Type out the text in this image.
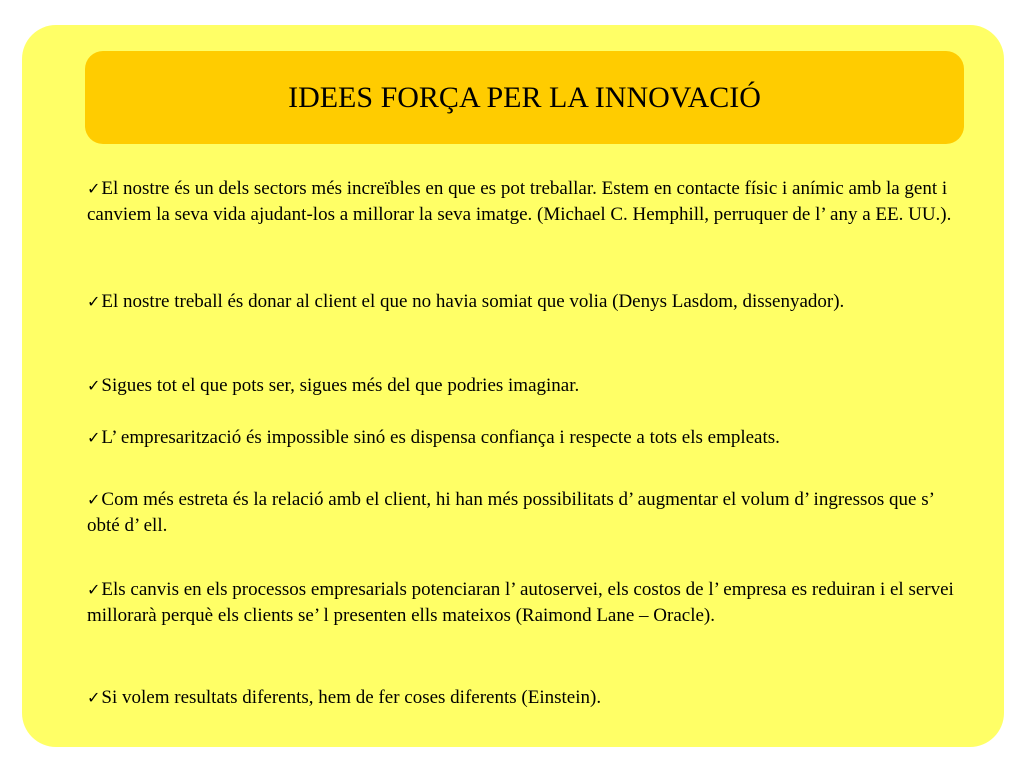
IDEES FORÇA PER LA INNOVACIÓ
✓El nostre és un dels sectors més increïbles en que es pot treballar. Estem en contacte físic i anímic amb la gent i canviem la seva vida ajudant-los a millorar la seva imatge. (Michael C. Hemphill, perruquer de l’ any a EE. UU.).
✓El nostre treball és donar al client el que no havia somiat que volia (Denys Lasdom, dissenyador).
✓Sigues tot el que pots ser, sigues més del que podries imaginar.
✓L’ empresarització és impossible sinó es dispensa confiança i respecte a tots els empleats.
✓Com més estreta és la relació amb el client, hi han més possibilitats d’ augmentar el volum d’ ingressos que s’ obté d’ ell.
✓Els canvis en els processos empresarials potenciaran l’ autoservei, els costos de l’ empresa es reduiran i el servei millorarà perquè els clients se’ l presenten ells mateixos (Raimond Lane – Oracle).
✓Si volem resultats diferents, hem de fer coses diferents (Einstein).
